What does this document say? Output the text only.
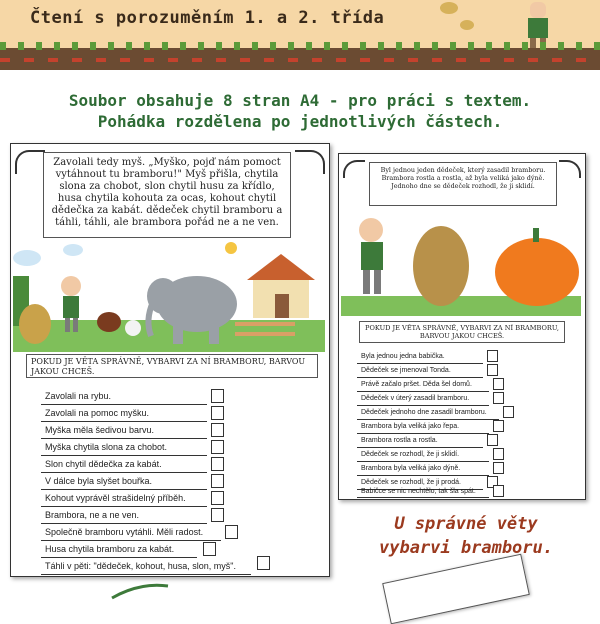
Čtení s porozuměním 1. a 2. třída
Soubor obsahuje 8 stran A4 - pro práci s textem.
Pohádka rozdělena po jednotlivých částech.
Zavolali tedy myš. „Myško, pojď nám pomoct vytáhnout tu bramboru!" Myš přišla, chytila slona za chobot, slon chytil husu za křídlo, husa chytila kohouta za ocas, kohout chytil dědečka za kabát. dědeček chytil bramboru a táhli, táhli, ale brambora pořád ne a ne ven.
POKUD JE VĚTA SPRÁVNĚ, VYBARVI ZA NÍ BRAMBORU, BARVOU JAKOU CHCEŠ.
Zavolali na rybu.
Zavolali na pomoc myšku.
Myška měla šedivou barvu.
Myška chytila slona za chobot.
Slon chytil dědečka za kabát.
V dálce byla slyšet bouřka.
Kohout vyprávěl strašidelný příběh.
Brambora, ne a ne ven.
Společně bramboru vytáhli. Měli radost.
Husa chytila bramboru za kabát.
Táhli v pěti: "dědeček, kohout, husa, slon, myš".
Byl jednou jeden dědeček, který zasadil bramboru. Brambora rostla a rostla, až byla veliká jako dýně. Jednoho dne se dědeček rozhodl, že ji sklidí.
POKUD JE VĚTA SPRÁVNĚ, VYBARVI ZA NÍ BRAMBORU, BARVOU JAKOU CHCEŠ.
Byla jednou jedna babička.
Dědeček se jmenoval Tonda.
Právě začalo pršet. Děda šel domů.
Dědeček v úterý zasadil bramboru.
Dědeček jednoho dne zasadil bramboru.
Brambora byla veliká jako řepa.
Brambora rostla a rostla.
Dědeček se rozhodl, že ji sklidí.
Brambora byla veliká jako dýně.
Dědeček se rozhodl, že ji prodá.
Babičce se nic nechtělo, tak šla spát.
U správné věty
vybarvi bramboru.
